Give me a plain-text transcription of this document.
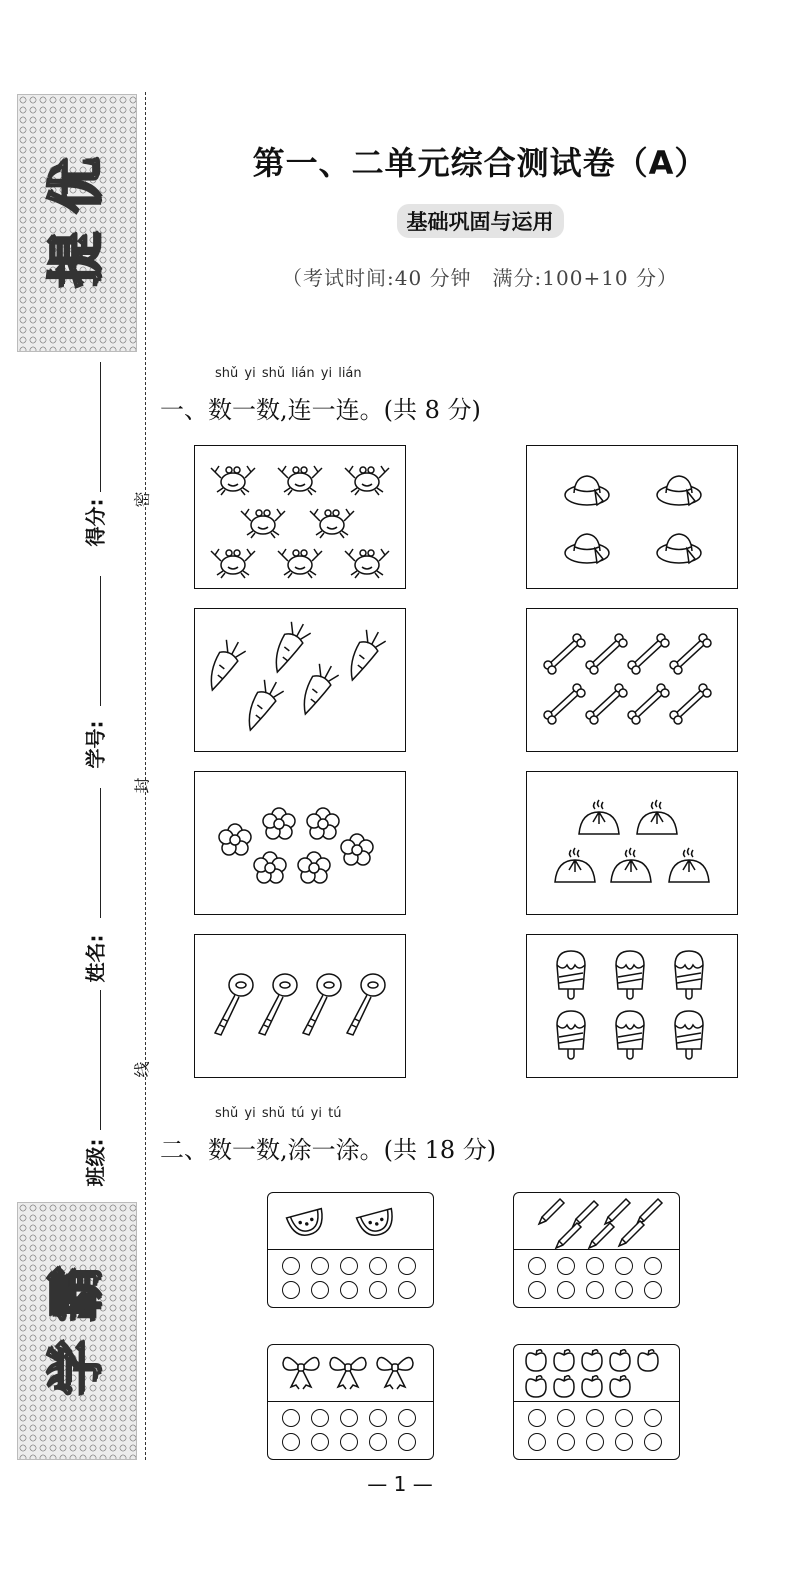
优
提
霸
学
得分:
学号:
姓名:
班级:
密
封
线
第一、二单元综合测试卷（A）
基础巩固与运用
（考试时间:40 分钟　满分:100+10 分）
shǔ yi shǔ lián yi lián
一、数一数,连一连。(共 8 分)
shǔ yi shǔ tú yi tú
二、数一数,涂一涂。(共 18 分)
— 1 —
